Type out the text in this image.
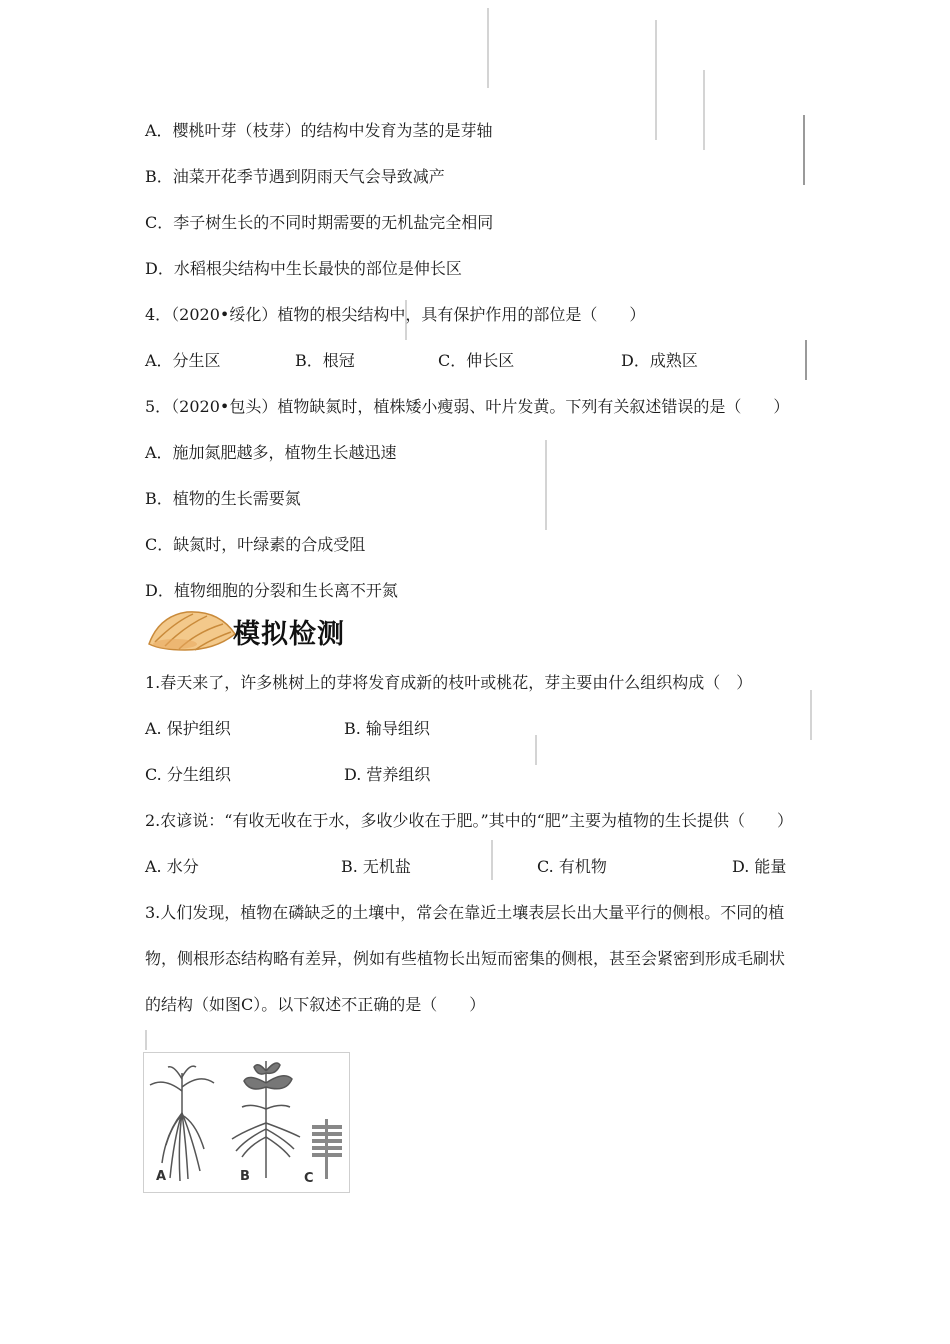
A．樱桃叶芽（枝芽）的结构中发育为茎的是芽轴
B．油菜开花季节遇到阴雨天气会导致减产
C．李子树生长的不同时期需要的无机盐完全相同
D．水稻根尖结构中生长最快的部位是伸长区
4．（2020•绥化）植物的根尖结构中，具有保护作用的部位是（　　）
A．分生区	B．根冠	C．伸长区	D．成熟区
5．（2020•包头）植物缺氮时，植株矮小瘦弱、叶片发黄。下列有关叙述错误的是（　　）
A．施加氮肥越多，植物生长越迅速
B．植物的生长需要氮
C．缺氮时，叶绿素的合成受阻
D．植物细胞的分裂和生长离不开氮
模拟检测
1.春天来了，许多桃树上的芽将发育成新的枝叶或桃花，芽主要由什么组织构成（　）
A. 保护组织	B. 输导组织
C. 分生组织	D. 营养组织
2.农谚说：“有收无收在于水，多收少收在于肥。”其中的“肥”主要为植物的生长提供（　　）
A. 水分	B. 无机盐	C. 有机物	D. 能量
3.人们发现，植物在磷缺乏的土壤中，常会在靠近土壤表层长出大量平行的侧根。不同的植
物，侧根形态结构略有差异，例如有些植物长出短而密集的侧根，甚至会紧密到形成毛刷状
的结构（如图C）。以下叙述不正确的是（　　）
A	B	C
